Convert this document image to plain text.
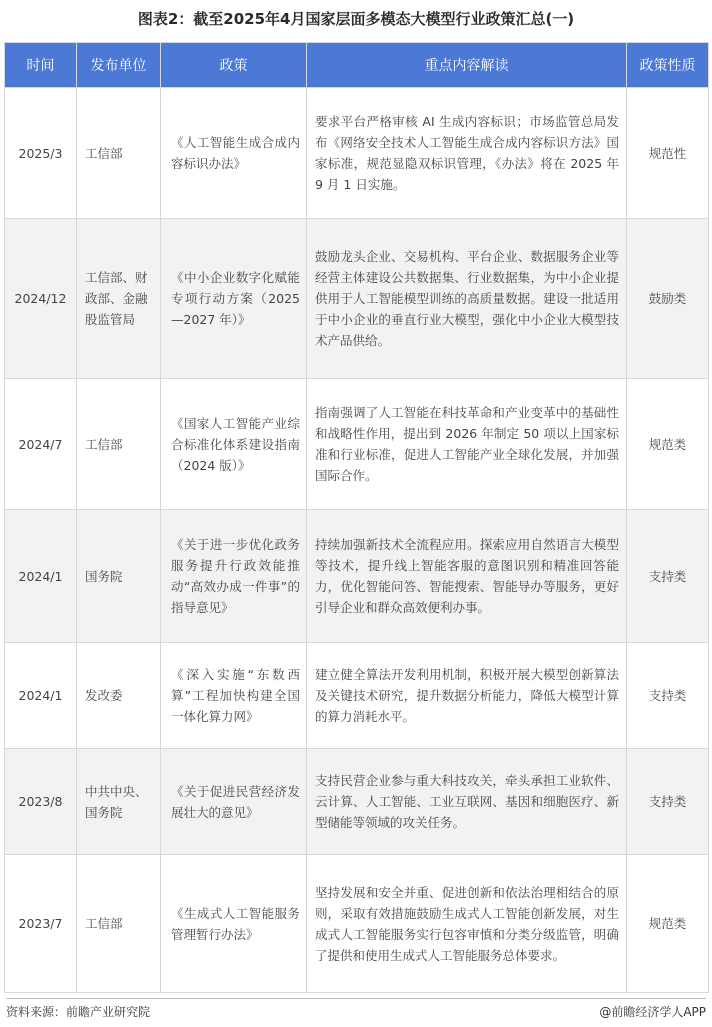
图表2：截至2025年4月国家层面多模态大模型行业政策汇总(一)
时间	发布单位	政策	重点内容解读	政策性质
2025/3	工信部	《人工智能生成合成内容标识办法》	要求平台严格审核 AI 生成内容标识；市场监管总局发布《网络安全技术人工智能生成合成内容标识方法》国家标准，规范显隐双标识管理，《办法》将在 2025 年 9 月 1 日实施。	规范性
2024/12	工信部、财政部、金融股监管局	《中小企业数字化赋能专项行动方案（2025—2027 年）》	鼓励龙头企业、交易机构、平台企业、数据服务企业等经营主体建设公共数据集、行业数据集，为中小企业提供用于人工智能模型训练的高质量数据。建设一批适用于中小企业的垂直行业大模型，强化中小企业大模型技术产品供给。	鼓励类
2024/7	工信部	《国家人工智能产业综合标准化体系建设指南（2024 版）》	指南强调了人工智能在科技革命和产业变革中的基础性和战略性作用，提出到 2026 年制定 50 项以上国家标准和行业标准，促进人工智能产业全球化发展，并加强国际合作。	规范类
2024/1	国务院	《关于进一步优化政务服务提升行政效能推动“高效办成一件事”的指导意见》	持续加强新技术全流程应用。探索应用自然语言大模型等技术，提升线上智能客服的意图识别和精准回答能力，优化智能问答、智能搜索、智能导办等服务，更好引导企业和群众高效便利办事。	支持类
2024/1	发改委	《深入实施“东数西算”工程加快构建全国一体化算力网》	建立健全算法开发利用机制，积极开展大模型创新算法及关键技术研究，提升数据分析能力，降低大模型计算的算力消耗水平。	支持类
2023/8	中共中央、国务院	《关于促进民营经济发展壮大的意见》	支持民营企业参与重大科技攻关，牵头承担工业软件、云计算、人工智能、工业互联网、基因和细胞医疗、新型储能等领域的攻关任务。	支持类
2023/7	工信部	《生成式人工智能服务管理暂行办法》	坚持发展和安全并重、促进创新和依法治理相结合的原则，采取有效措施鼓励生成式人工智能创新发展，对生成式人工智能服务实行包容审慎和分类分级监管，明确了提供和使用生成式人工智能服务总体要求。	规范类
资料来源：前瞻产业研究院	@前瞻经济学人APP
